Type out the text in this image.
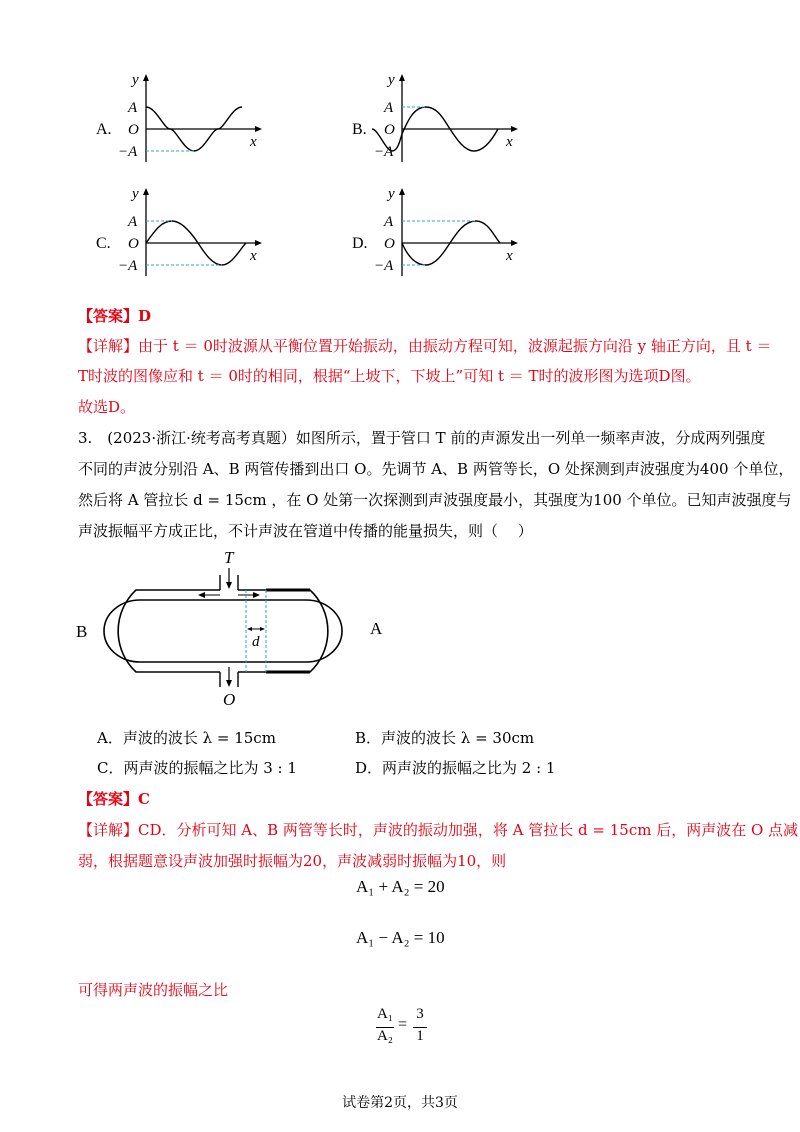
A.	B.
C.	D.
y
A
O
−A
x
y
A
O
−A
x
y
A
O
−A
x
y
A
O
−A
x
【答案】D
【详解】由于 t ＝ 0时波源从平衡位置开始振动，由振动方程可知，波源起振方向沿 y 轴正方向，且 t ＝
T时波的图像应和 t ＝ 0时的相同，根据“上坡下，下坡上”可知 t ＝ T时的波形图为选项D图。
故选D。
3.　(2023·浙江·统考高考真题）如图所示，置于管口 T 前的声源发出一列单一频率声波，分成两列强度
不同的声波分别沿 A、B 两管传播到出口 O。先调节 A、B 两管等长，O 处探测到声波强度为400 个单位，
然后将 A 管拉长 d = 15cm ，在 O 处第一次探测到声波强度最小，其强度为100 个单位。已知声波强度与
声波振幅平方成正比，不计声波在管道中传播的能量损失，则（　 ）
d
T
O
A
B
A．声波的波长 λ = 15cm	B．声波的波长 λ = 30cm
C．两声波的振幅之比为 3 : 1	D．两声波的振幅之比为 2 : 1
【答案】C
【详解】CD．分析可知 A、B 两管等长时，声波的振动加强，将 A 管拉长 d = 15cm 后，两声波在 O 点减
弱，根据题意设声波加强时振幅为20，声波减弱时振幅为10，则
A₁ + A₂ = 20
A₁ − A₂ = 10
可得两声波的振幅之比
A₁
A₂
=
3
1
试卷第2页，共3页
